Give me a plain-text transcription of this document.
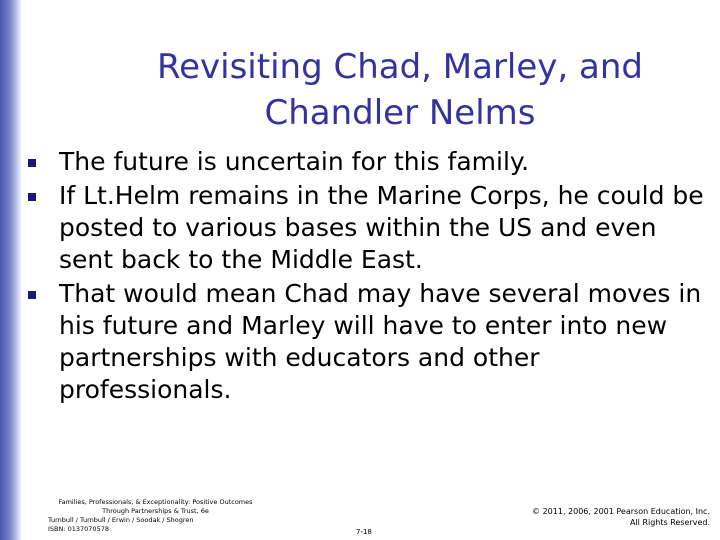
Revisiting Chad, Marley, and
Chandler Nelms
The future is uncertain for this family.
If Lt.Helm remains in the Marine Corps, he could be posted to various bases within the US and even sent back to the Middle East.
That would mean Chad may have several moves in his future and Marley will have to enter into new partnerships with educators and other professionals.
Families, Professionals, & Exceptionality: Positive Outcomes
Through Partnerships & Trust, 6e
Turnbull / Turnbull / Erwin / Soodak / Shogren
ISBN: 0137070578	7-18
© 2011, 2006, 2001 Pearson Education, Inc.
All Rights Reserved.
